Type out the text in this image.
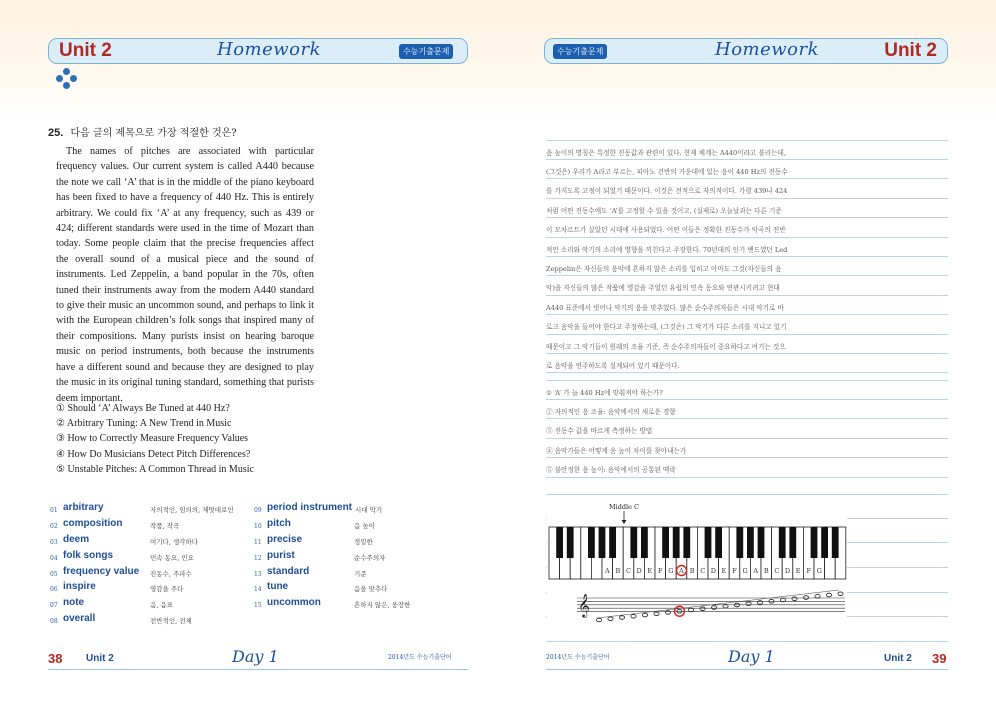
Unit 2	Homework	수능기출문제
25. 다음 글의 제목으로 가장 적절한 것은?

The names of pitches are associated with particular frequency values. Our current system is called A440 because the note we call ‘A’ that is in the middle of the piano keyboard has been fixed to have a frequency of 440 Hz. This is entirely arbitrary. We could fix ‘A’ at any frequency, such as 439 or 424; different standards were used in the time of Mozart than today. Some people claim that the precise frequencies affect the overall sound of a musical piece and the sound of instruments. Led Zeppelin, a band popular in the 70s, often tuned their instruments away from the modern A440 standard to give their music an uncommon sound, and perhaps to link it with the European children’s folk songs that inspired many of their compositions. Many purists insist on hearing baroque music on period instruments, both because the instruments have a different sound and because they are designed to play the music in its original tuning standard, something that purists deem important.

① Should ‘A’ Always Be Tuned at 440 Hz?
② Arbitrary Tuning: A New Trend in Music
③ How to Correctly Measure Frequency Values
④ How Do Musicians Detect Pitch Differences?
⑤ Unstable Pitches: A Common Thread in Music
01 arbitrary	자의적인, 임의의, 제멋대로인
02 composition	작품, 작곡
03 deem	여기다, 생각하다
04 folk songs	민속 동요, 민요
05 frequency value 진동수, 주파수
06 inspire	영감을 주다
07 note	음, 음표
08 overall	전반적인, 전체
09 period instrument 시대 악기
10 pitch	음 높이
11 precise	정밀한
12 purist	순수주의자
13 standard	기준
14 tune	음을 맞추다
15 uncommon	흔하지 않은, 웅장한
38 Unit 2	Day 1	2014년도 수능기출단어
수능기출문제	Homework	Unit 2
음 높이의 명칭은 특정한 진동값과 관련이 있다. 현재 체계는 A440이라고 불리는데,
(그것은) 우리가 A라고 부르는, 피아노 건반의 가운데에 있는 음이 440 Hz의 진동수
를 가지도록 고정이 되었기 때문이다. 이것은 전적으로 자의적이다. 가령 439나 424
처럼 어떤 진동수에도 ‘A’를 고정할 수 있을 것이고, (실제로) 오늘날과는 다른 기준
이 모차르트가 살았던 시대에 사용되었다. 어떤 이들은 정확한 진동수가 악곡의 전반
적인 소리와 악기의 소리에 영향을 끼친다고 주장한다. 70년대의 인기 밴드였던 Led
Zeppelin은 자신들의 음악에 흔하지 않은 소리를 입히고 아마도 그것(자신들의 음
악)을 자신들의 많은 작품에 영감을 주었던 유럽의 민속 동요와 연관시키려고 현대
A440 표준에서 벗어나 악기의 음을 맞추었다. 많은 순수주의자들은 시대 악기로 바
로크 음악을 들어야 한다고 주장하는데, (그것은) 그 악기가 다른 소리를 지니고 있기
때문이고 그 악기들이 원래의 조율 기준, 즉 순수주의자들이 중요하다고 여기는 것으
로 음악을 연주하도록 설계되어 있기 때문이다.
① ‘A’ 가 늘 440 Hz에 맞춰져야 하는가?
② 자의적인 음 조율: 음악에서의 새로운 경향
③ 진동수 값을 바르게 측정하는 방법
④ 음악가들은 어떻게 음 높이 차이를 찾아내는가
⑤ 불안정한 음 높이: 음악에서의 공통된 맥락
2014년도 수능기출단어	Day 1	Unit 2 39
Middle C
A B C D E F G A B C D E F G A B C D E F G
𝄞
